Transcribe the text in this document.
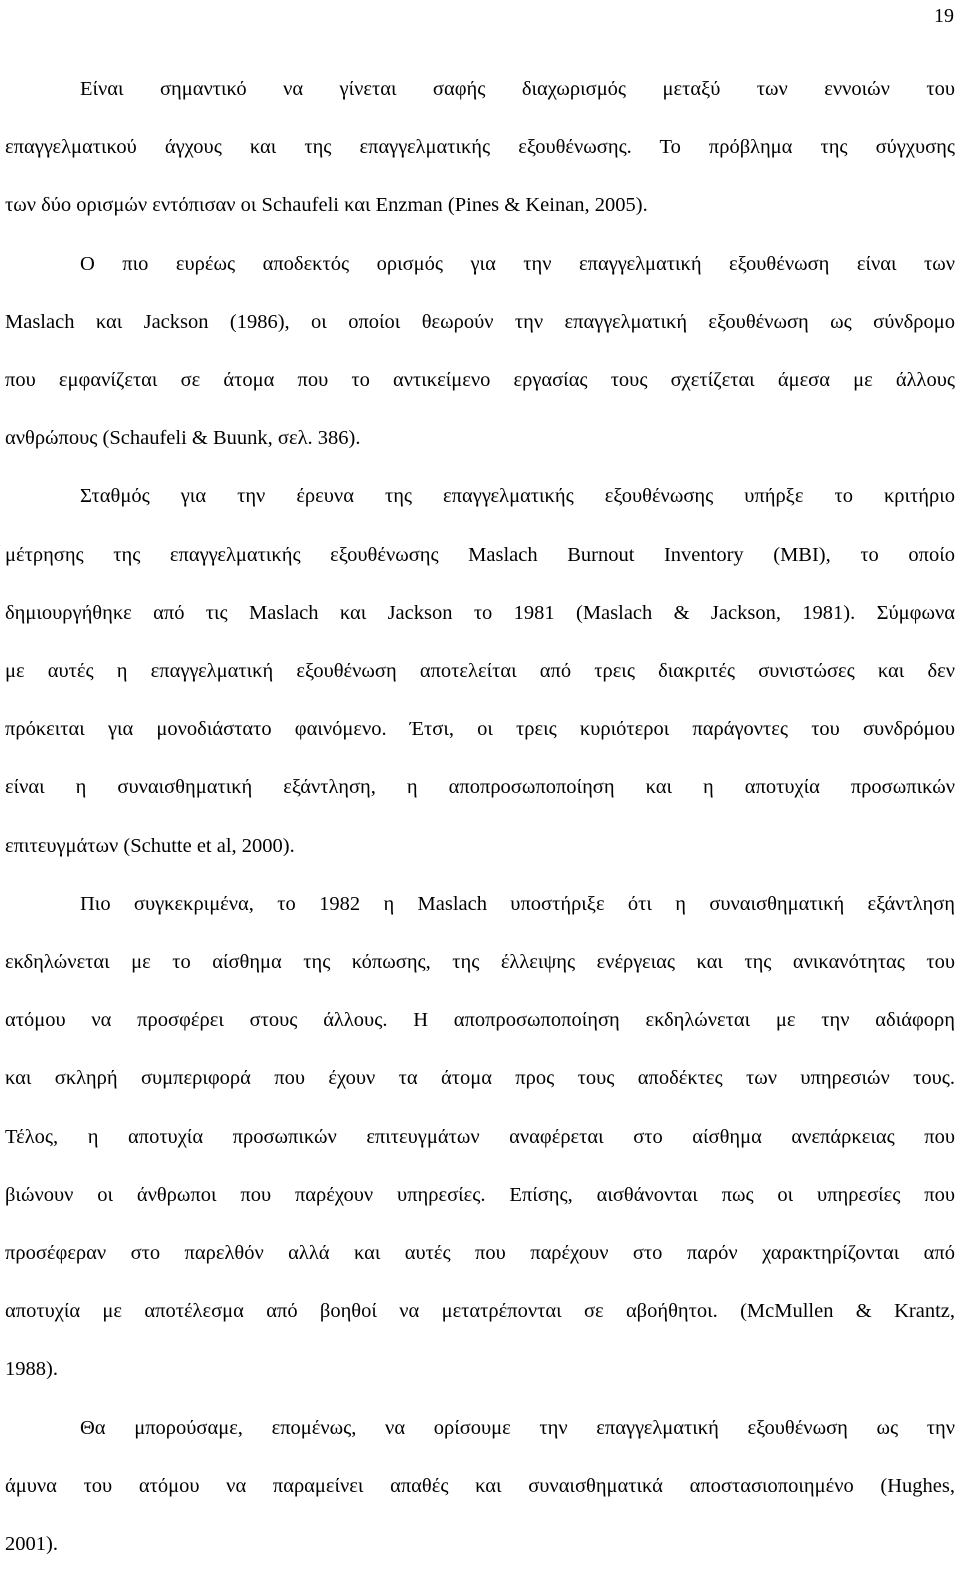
19

Είναι σημαντικό να γίνεται σαφής διαχωρισμός μεταξύ των εννοιών του
επαγγελματικού άγχους και της επαγγελματικής εξουθένωσης. Το πρόβλημα της σύγχυσης
των δύο ορισμών εντόπισαν οι Schaufeli και Enzman (Pines & Keinan, 2005).

Ο πιο ευρέως αποδεκτός ορισμός για την επαγγελματική εξουθένωση είναι των
Maslach και Jackson (1986), οι οποίοι θεωρούν την επαγγελματική εξουθένωση ως σύνδρομο
που εμφανίζεται σε άτομα που το αντικείμενο εργασίας τους σχετίζεται άμεσα με άλλους
ανθρώπους (Schaufeli & Buunk, σελ. 386).

Σταθμός για την έρευνα της επαγγελματικής εξουθένωσης υπήρξε το κριτήριο
μέτρησης της επαγγελματικής εξουθένωσης Maslach Burnout Inventory (MBI), το οποίο
δημιουργήθηκε από τις Maslach και Jackson το 1981 (Maslach & Jackson, 1981). Σύμφωνα
με αυτές η επαγγελματική εξουθένωση αποτελείται από τρεις διακριτές συνιστώσες και δεν
πρόκειται για μονοδιάστατο φαινόμενο. Έτσι, οι τρεις κυριότεροι παράγοντες του συνδρόμου
είναι η συναισθηματική εξάντληση, η αποπροσωποποίηση και η αποτυχία προσωπικών
επιτευγμάτων (Schutte et al, 2000).

Πιο συγκεκριμένα, το 1982 η Maslach υποστήριξε ότι η συναισθηματική εξάντληση
εκδηλώνεται με το αίσθημα της κόπωσης, της έλλειψης ενέργειας και της ανικανότητας του
ατόμου να προσφέρει στους άλλους. Η αποπροσωποποίηση εκδηλώνεται με την αδιάφορη
και σκληρή συμπεριφορά που έχουν τα άτομα προς τους αποδέκτες των υπηρεσιών τους.
Τέλος, η αποτυχία προσωπικών επιτευγμάτων αναφέρεται στο αίσθημα ανεπάρκειας που
βιώνουν οι άνθρωποι που παρέχουν υπηρεσίες. Επίσης, αισθάνονται πως οι υπηρεσίες που
προσέφεραν στο παρελθόν αλλά και αυτές που παρέχουν στο παρόν χαρακτηρίζονται από
αποτυχία με αποτέλεσμα από βοηθοί να μετατρέπονται σε αβοήθητοι. (McMullen & Krantz,
1988).

Θα μπορούσαμε, επομένως, να ορίσουμε την επαγγελματική εξουθένωση ως την
άμυνα του ατόμου να παραμείνει απαθές και συναισθηματικά αποστασιοποιημένο (Hughes,
2001).
